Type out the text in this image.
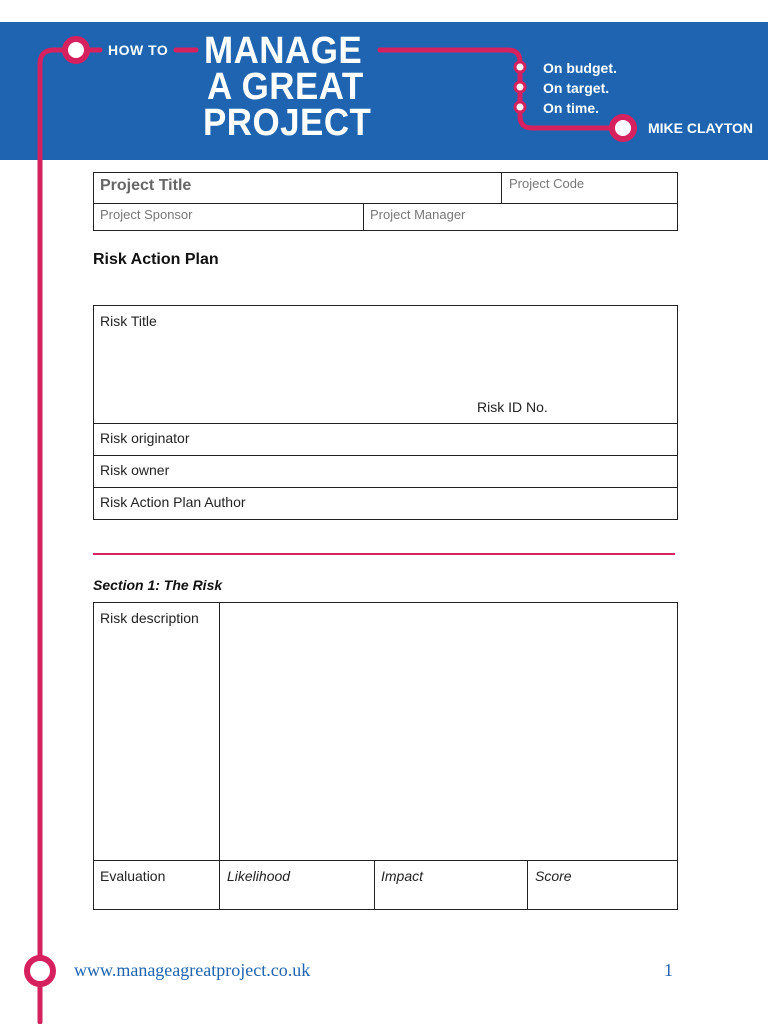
HOW TO MANAGE
A GREAT
PROJECT
On budget.
On target.
On time.
MIKE CLAYTON
Project Title	Project Code
Project Sponsor	Project Manager
Risk Action Plan
Risk Title
Risk ID No.
Risk originator
Risk owner
Risk Action Plan Author
Section 1: The Risk
Risk description
Evaluation	Likelihood	Impact	Score
www.manageagreatproject.co.uk	1
